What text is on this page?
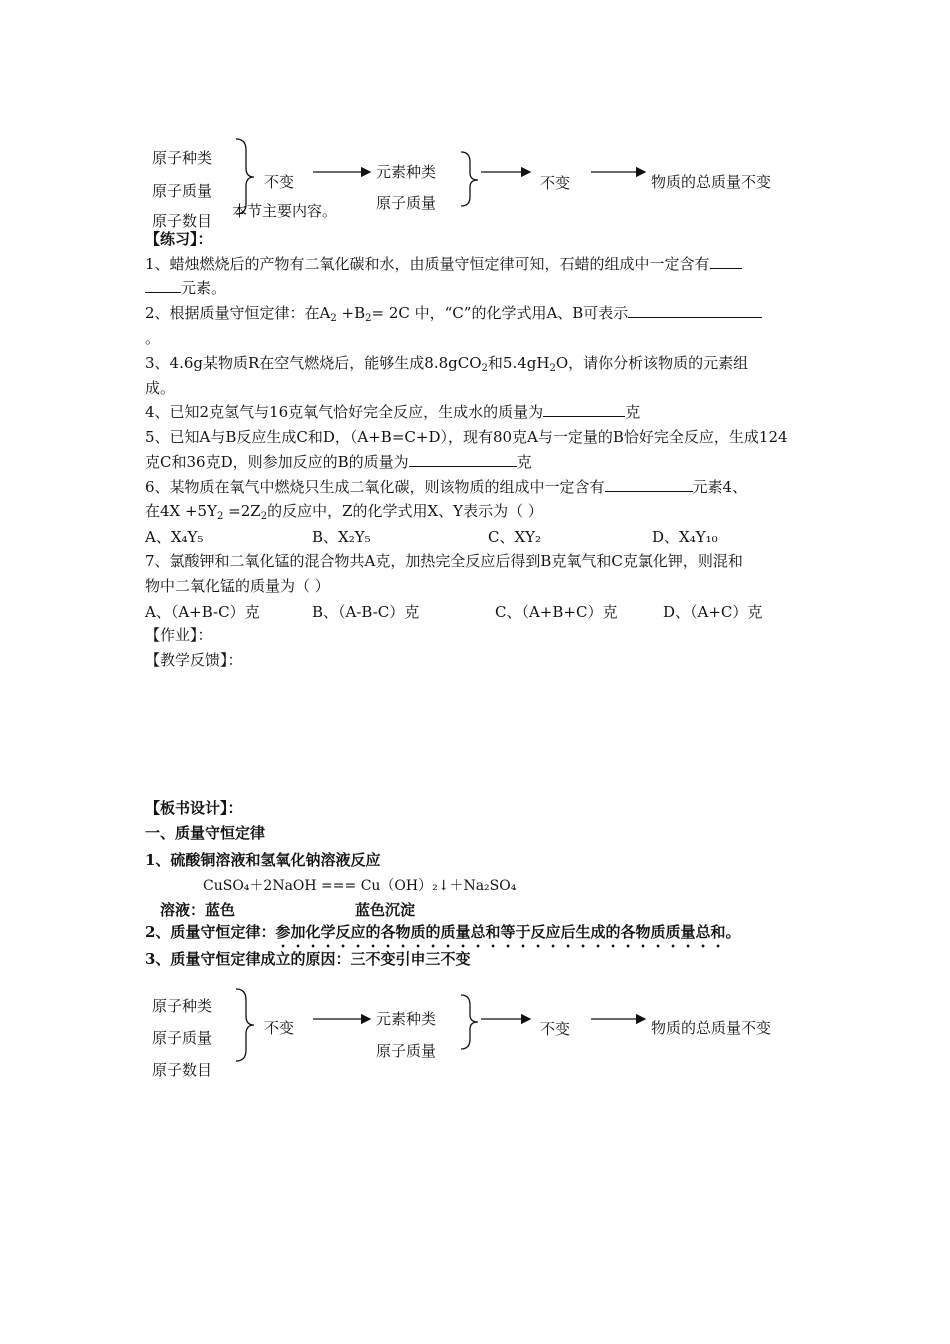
原子种类
原子质量
原子数目
本节主要内容。
不变
元素种类
原子质量
不变	物质的总质量不变
【练习】：
1、蜡烛燃烧后的产物有二氧化碳和水，由质量守恒定律可知，石蜡的组成中一定含有
元素。
2、根据质量守恒定律：在$A_2 +B_2= 2C$ 中，“C”的化学式用A、B可表示
。
3、4.6g某物质R在空气燃烧后，能够生成8.8gCO$_2$和$5.4gH_2O$，请你分析该物质的元素组
成。
4、已知2克氢气与16克氧气恰好完全反应，生成水的质量为	克
5、已知A与B反应生成C和D，（A+B=C+D），现有80克A与一定量的B恰好完全反应，生成124
克C和36克D，则参加反应的B的质量为	克
6、某物质在氧气中燃烧只生成二氧化碳，则该物质的组成中一定含有	元素4、
在$4X +5Y_2 =2Z_2$的反应中，Z的化学式用X、Y表示为（ ）
A、X₄Y₅	B、X₂Y₅	C、XY₂	D、X₄Y₁₀
7、氯酸钾和二氧化锰的混合物共A克，加热完全反应后得到B克氧气和C克氯化钾，则混和
物中二氧化锰的质量为（ ）
A、（A+B-C）克	B、（A-B-C）克	C、（A+B+C）克	D、（A+C）克
【作业】：
【教学反馈】：
【板书设计】：
一、质量守恒定律
1、硫酸铜溶液和氢氧化钠溶液反应
CuSO₄＋2NaOH === Cu（OH）₂↓＋Na₂SO₄
溶液：蓝色	蓝色沉淀
2、质量守恒定律：参加化学反应的各物质的质量总和等于反应后生成的各物质质量总和。
3、质量守恒定律成立的原因：三不变引申三不变
原子种类
原子质量
原子数目
不变	元素种类
原子质量
不变	物质的总质量不变
